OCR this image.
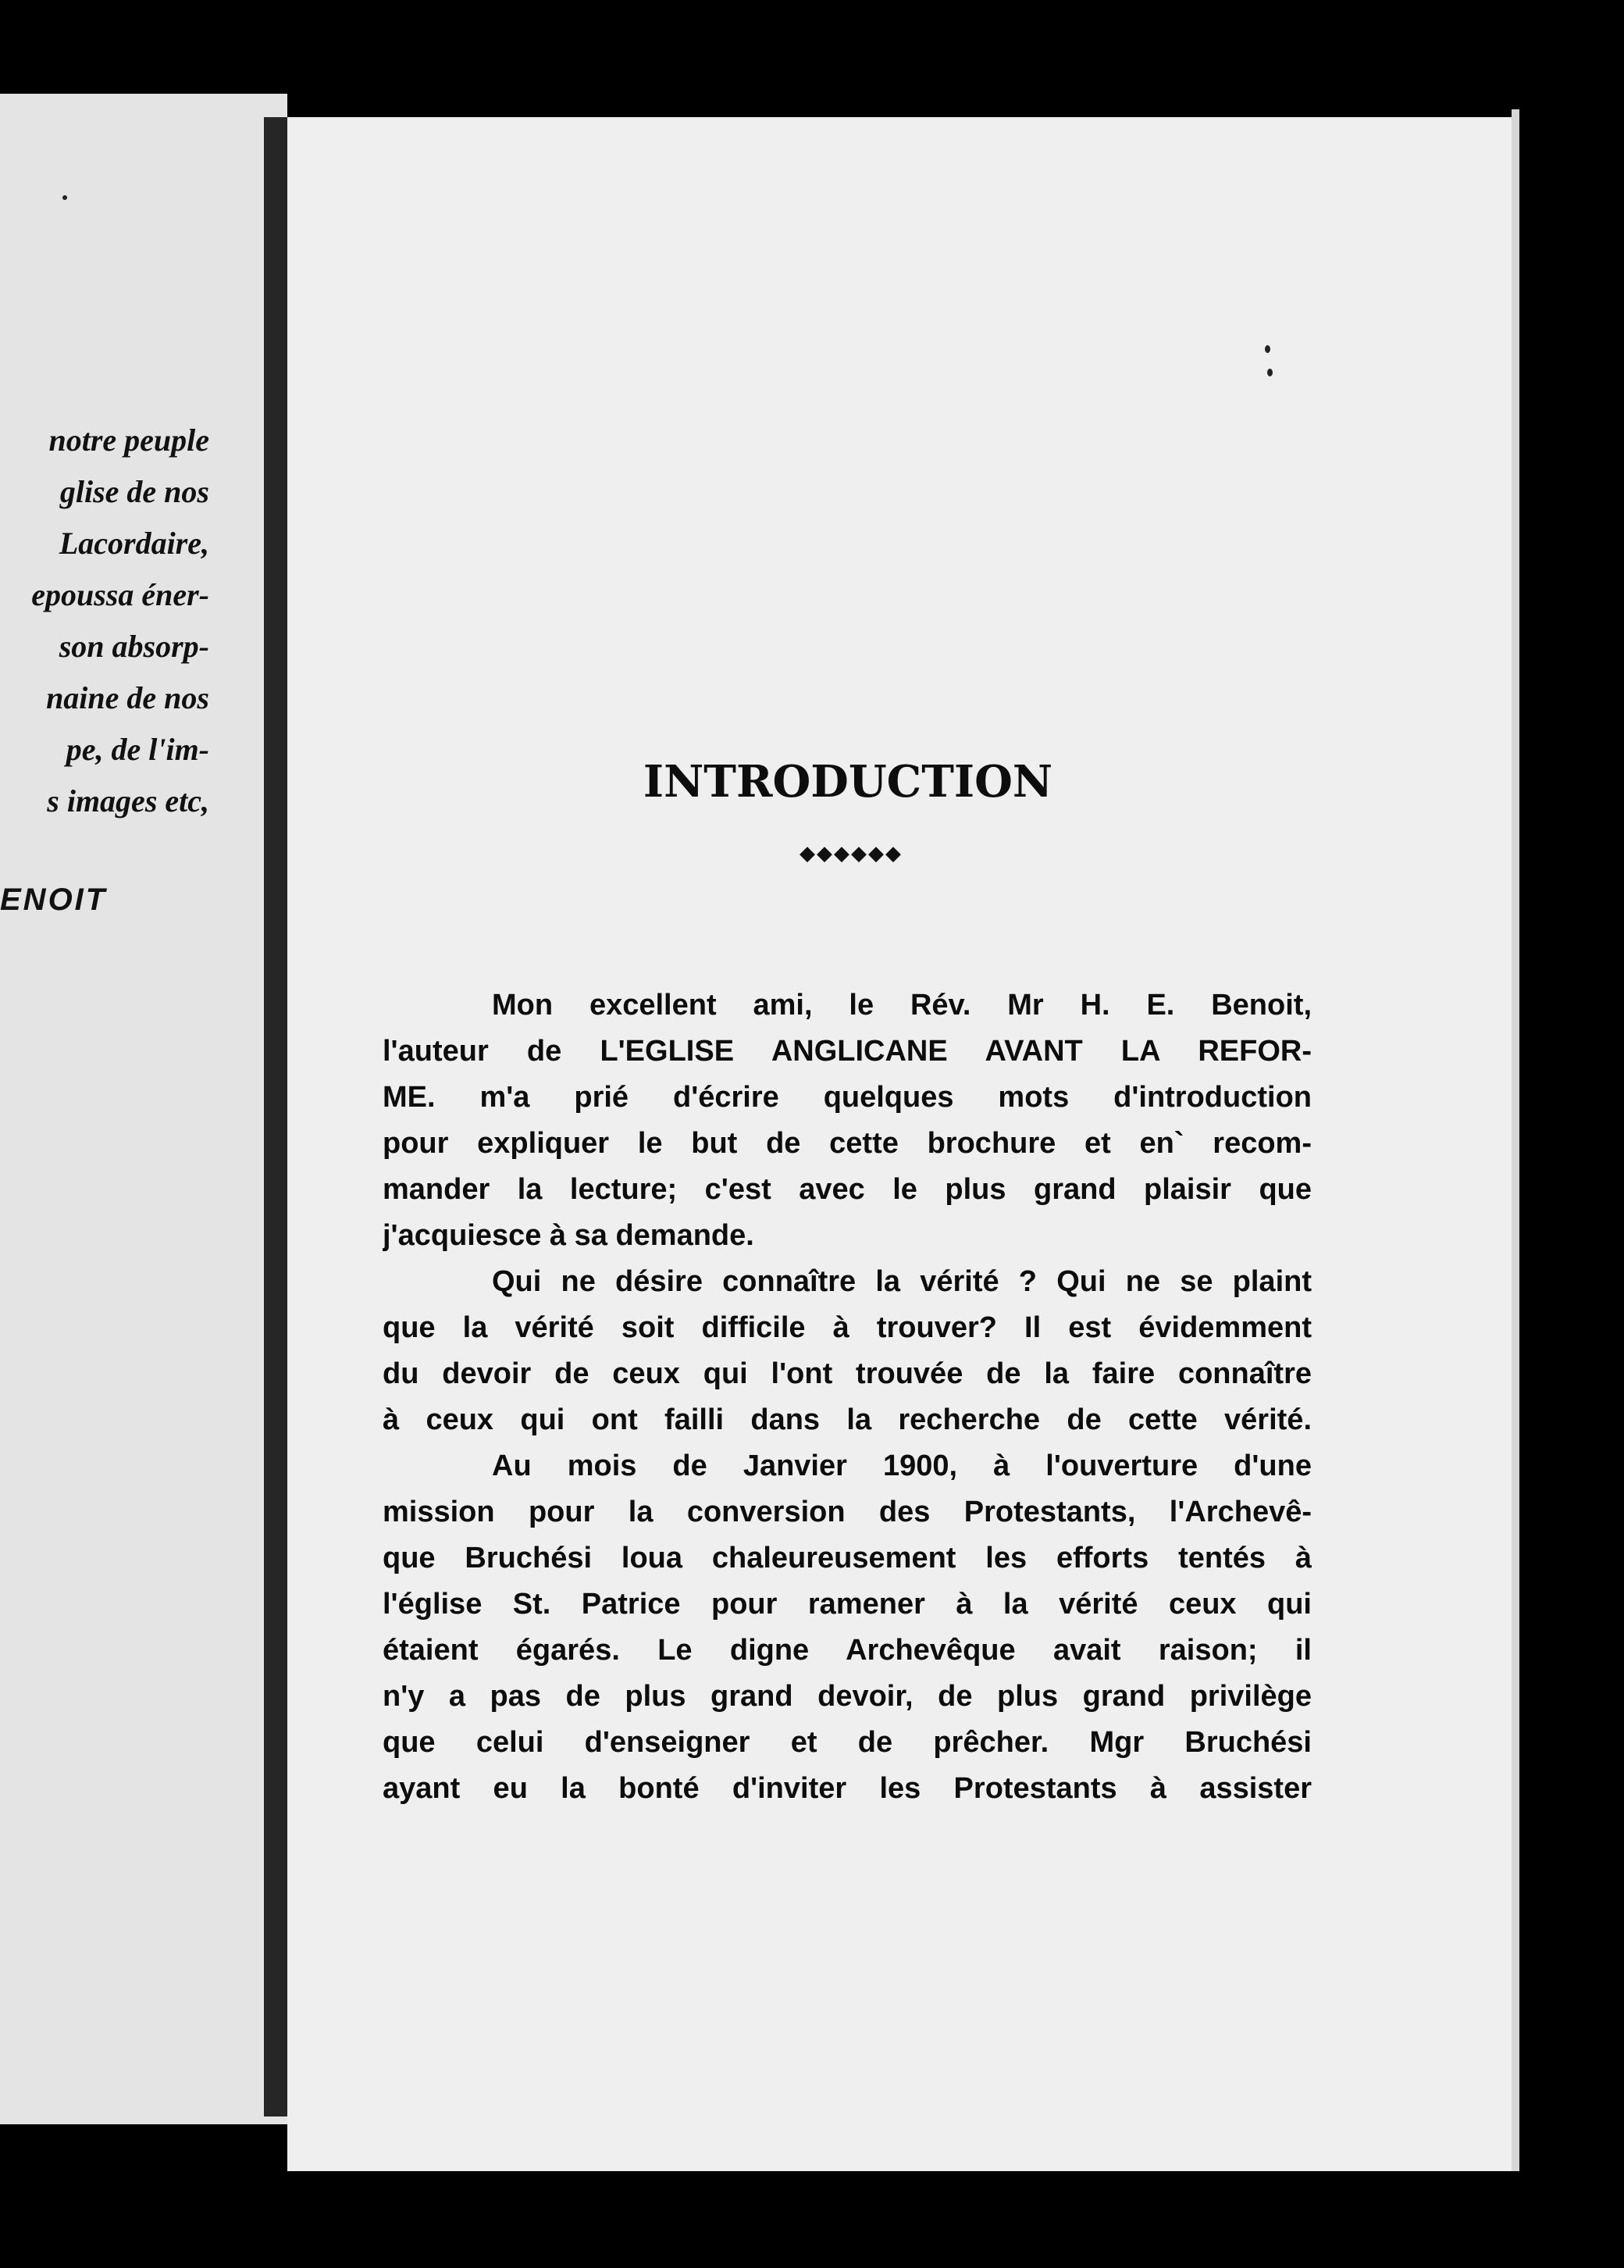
notre peuple
glise de nos
Lacordaire,
epoussa éner-
son absorp-
naine de nos
pe, de l'im-
s images etc,
ENOIT
INTRODUCTION
◆◆◆◆◆◆
Mon excellent ami, le Rév. Mr H. E. Benoit,
l'auteur de L'EGLISE ANGLICANE AVANT LA REFOR-
ME. m'a prié d'écrire quelques mots d'introduction
pour expliquer le but de cette brochure et en` recom-
mander la lecture; c'est avec le plus grand plaisir que
j'acquiesce à sa demande.
Qui ne désire connaître la vérité ? Qui ne se plaint
que la vérité soit difficile à trouver? Il est évidemment
du devoir de ceux qui l'ont trouvée de la faire connaître
à ceux qui ont failli dans la recherche de cette vérité.
Au mois de Janvier 1900, à l'ouverture d'une
mission pour la conversion des Protestants, l'Archevê-
que Bruchési loua chaleureusement les efforts tentés à
l'église St. Patrice pour ramener à la vérité ceux qui
étaient égarés. Le digne Archevêque avait raison; il
n'y a pas de plus grand devoir, de plus grand privilège
que celui d'enseigner et de prêcher. Mgr Bruchési
ayant eu la bonté d'inviter les Protestants à assister
